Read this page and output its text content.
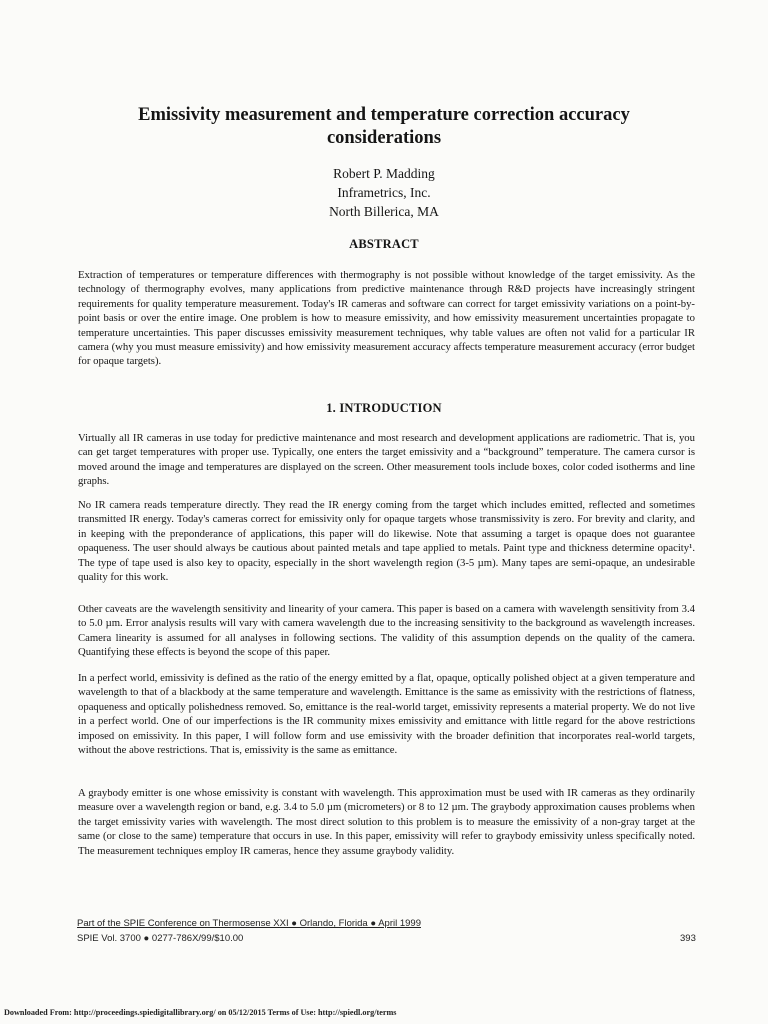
Emissivity measurement and temperature correction accuracy
considerations
Robert P. Madding
Inframetrics, Inc.
North Billerica, MA
ABSTRACT
Extraction of temperatures or temperature differences with thermography is not possible without knowledge of the target emissivity. As the technology of thermography evolves, many applications from predictive maintenance through R&D projects have increasingly stringent requirements for quality temperature measurement. Today's IR cameras and software can correct for target emissivity variations on a point-by-point basis or over the entire image. One problem is how to measure emissivity, and how emissivity measurement uncertainties propagate to temperature uncertainties. This paper discusses emissivity measurement techniques, why table values are often not valid for a particular IR camera (why you must measure emissivity) and how emissivity measurement accuracy affects temperature measurement accuracy (error budget for opaque targets).
1. INTRODUCTION
Virtually all IR cameras in use today for predictive maintenance and most research and development applications are radiometric. That is, you can get target temperatures with proper use. Typically, one enters the target emissivity and a “background” temperature. The camera cursor is moved around the image and temperatures are displayed on the screen. Other measurement tools include boxes, color coded isotherms and line graphs.
No IR camera reads temperature directly. They read the IR energy coming from the target which includes emitted, reflected and sometimes transmitted IR energy. Today's cameras correct for emissivity only for opaque targets whose transmissivity is zero. For brevity and clarity, and in keeping with the preponderance of applications, this paper will do likewise. Note that assuming a target is opaque does not guarantee opaqueness. The user should always be cautious about painted metals and tape applied to metals. Paint type and thickness determine opacity¹. The type of tape used is also key to opacity, especially in the short wavelength region (3-5 µm). Many tapes are semi-opaque, an undesirable quality for this work.
Other caveats are the wavelength sensitivity and linearity of your camera. This paper is based on a camera with wavelength sensitivity from 3.4 to 5.0 µm. Error analysis results will vary with camera wavelength due to the increasing sensitivity to the background as wavelength increases. Camera linearity is assumed for all analyses in following sections. The validity of this assumption depends on the quality of the camera. Quantifying these effects is beyond the scope of this paper.
In a perfect world, emissivity is defined as the ratio of the energy emitted by a flat, opaque, optically polished object at a given temperature and wavelength to that of a blackbody at the same temperature and wavelength. Emittance is the same as emissivity with the restrictions of flatness, opaqueness and optically polishedness removed. So, emittance is the real-world target, emissivity represents a material property. We do not live in a perfect world. One of our imperfections is the IR community mixes emissivity and emittance with little regard for the above restrictions imposed on emissivity. In this paper, I will follow form and use emissivity with the broader definition that incorporates real-world targets, without the above restrictions. That is, emissivity is the same as emittance.
A graybody emitter is one whose emissivity is constant with wavelength. This approximation must be used with IR cameras as they ordinarily measure over a wavelength region or band, e.g. 3.4 to 5.0 µm (micrometers) or 8 to 12 µm. The graybody approximation causes problems when the target emissivity varies with wavelength. The most direct solution to this problem is to measure the emissivity of a non-gray target at the same (or close to the same) temperature that occurs in use. In this paper, emissivity will refer to graybody emissivity unless specifically noted. The measurement techniques employ IR cameras, hence they assume graybody validity.
Part of the SPIE Conference on Thermosense XXI ● Orlando, Florida ● April 1999
SPIE Vol. 3700 ● 0277-786X/99/$10.00	393
Downloaded From: http://proceedings.spiedigitallibrary.org/ on 05/12/2015 Terms of Use: http://spiedl.org/terms
